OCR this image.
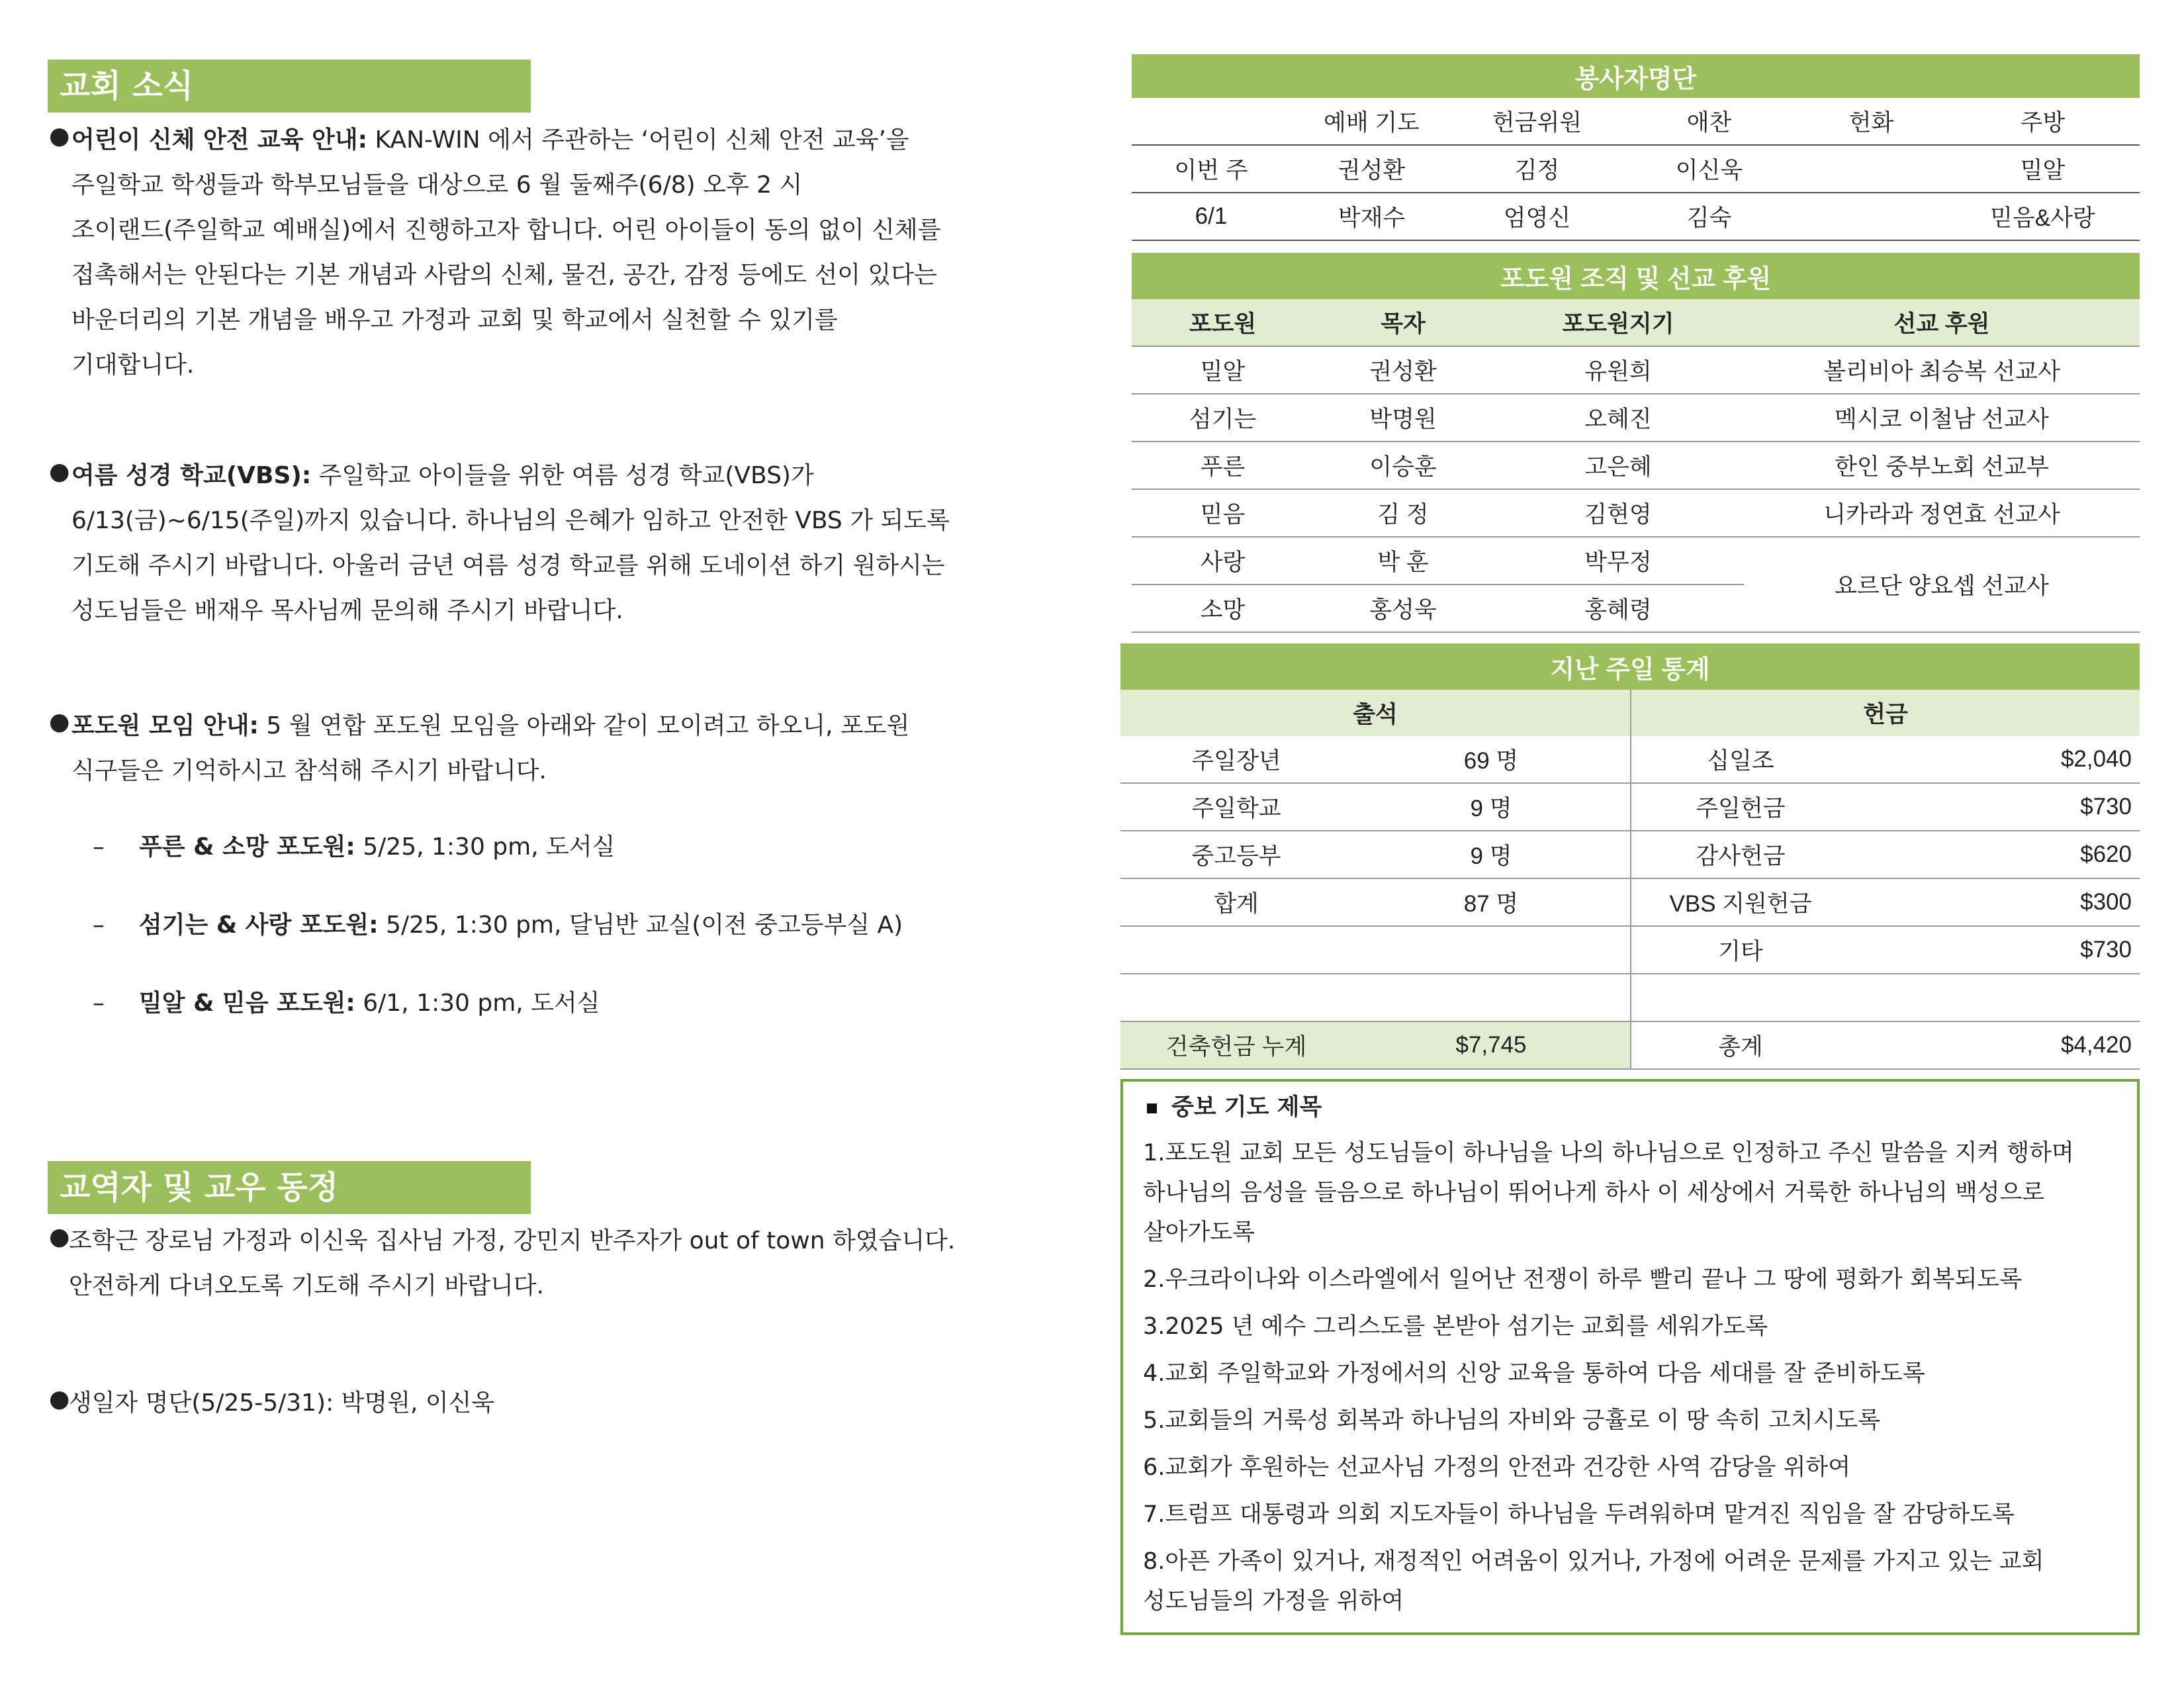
교회 소식
● 어린이 신체 안전 교육 안내: KAN-WIN 에서 주관하는 ‘어린이 신체 안전 교육’을
주일학교 학생들과 학부모님들을 대상으로 6 월 둘째주(6/8) 오후 2 시
조이랜드(주일학교 예배실)에서 진행하고자 합니다. 어린 아이들이 동의 없이 신체를
접촉해서는 안된다는 기본 개념과 사람의 신체, 물건, 공간, 감정 등에도 선이 있다는
바운더리의 기본 개념을 배우고 가정과 교회 및 학교에서 실천할 수 있기를
기대합니다.
● 여름 성경 학교(VBS): 주일학교 아이들을 위한 여름 성경 학교(VBS)가
6/13(금)~6/15(주일)까지 있습니다. 하나님의 은혜가 임하고 안전한 VBS 가 되도록
기도해 주시기 바랍니다. 아울러 금년 여름 성경 학교를 위해 도네이션 하기 원하시는
성도님들은 배재우 목사님께 문의해 주시기 바랍니다.
● 포도원 모임 안내: 5 월 연합 포도원 모임을 아래와 같이 모이려고 하오니, 포도원
식구들은 기억하시고 참석해 주시기 바랍니다.
– 푸른 & 소망 포도원: 5/25, 1:30 pm, 도서실
– 섬기는 & 사랑 포도원: 5/25, 1:30 pm, 달님반 교실(이전 중고등부실 A)
– 밀알 & 믿음 포도원: 6/1, 1:30 pm, 도서실
교역자 및 교우 동정
●
조학근 장로님 가정과 이신욱 집사님 가정, 강민지 반주자가 out of town 하였습니다.
안전하게 다녀오도록 기도해 주시기 바랍니다.
●
생일자 명단(5/25-5/31): 박명원, 이신욱
봉사자명단					
	예배 기도	헌금위원	애찬	헌화	주방
이번 주	권성환	김정	이신욱		밀알
6/1	박재수	엄영신	김숙		믿음&사랑
포도원 조직 및 선교 후원			
포도원	목자	포도원지기	선교 후원
밀알	권성환	유원희	볼리비아 최승복 선교사
섬기는	박명원	오혜진	멕시코 이철남 선교사
푸른	이승훈	고은혜	한인 중부노회 선교부
믿음	김 정	김현영	니카라과 정연효 선교사
사랑	박 훈	박무정	요르단 양요셉 선교사
소망	홍성욱	홍혜령	
지난 주일 통계			
출석		헌금	
주일장년	69 명	십일조	$2,040
주일학교	9 명	주일헌금	$730
중고등부	9 명	감사헌금	$620
합계	87 명	VBS 지원헌금	$300
		기타	$730

건축헌금 누계	$7,745	총계	$4,420
중보 기도 제목
1.포도원 교회 모든 성도님들이 하나님을 나의 하나님으로 인정하고 주신 말씀을 지켜 행하며
하나님의 음성을 들음으로 하나님이 뛰어나게 하사 이 세상에서 거룩한 하나님의 백성으로
살아가도록
2.우크라이나와 이스라엘에서 일어난 전쟁이 하루 빨리 끝나 그 땅에 평화가 회복되도록
3.2025 년 예수 그리스도를 본받아 섬기는 교회를 세워가도록
4.교회 주일학교와 가정에서의 신앙 교육을 통하여 다음 세대를 잘 준비하도록
5.교회들의 거룩성 회복과 하나님의 자비와 긍휼로 이 땅 속히 고치시도록
6.교회가 후원하는 선교사님 가정의 안전과 건강한 사역 감당을 위하여
7.트럼프 대통령과 의회 지도자들이 하나님을 두려워하며 맡겨진 직임을 잘 감당하도록
8.아픈 가족이 있거나, 재정적인 어려움이 있거나, 가정에 어려운 문제를 가지고 있는 교회
성도님들의 가정을 위하여
